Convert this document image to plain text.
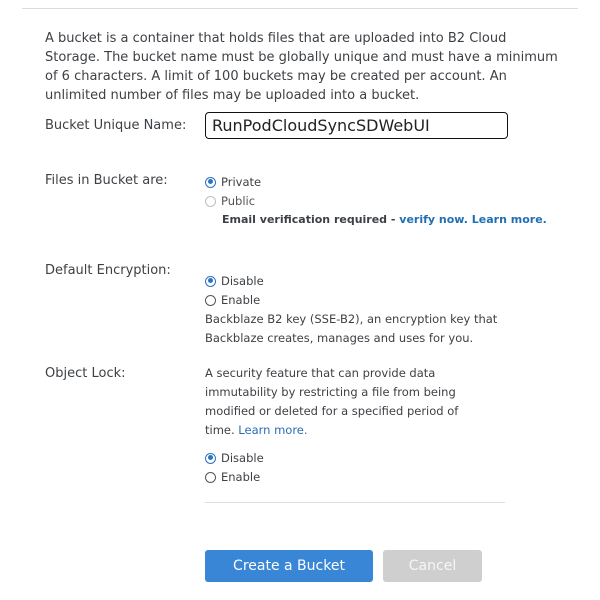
A bucket is a container that holds files that are uploaded into B2 Cloud Storage. The bucket name must be globally unique and must have a minimum of 6 characters. A limit of 100 buckets may be created per account. An unlimited number of files may be uploaded into a bucket.
Bucket Unique Name:
RunPodCloudSyncSDWebUI
Files in Bucket are:	Private
Public
Email verification required - verify now. Learn more.
Default Encryption:
Disable
Enable
Backblaze B2 key (SSE-B2), an encryption key that
Backblaze creates, manages and uses for you.
Object Lock:	A security feature that can provide data
immutability by restricting a file from being
modified or deleted for a specified period of
time. Learn more.
Disable
Enable
Create a Bucket	Cancel
